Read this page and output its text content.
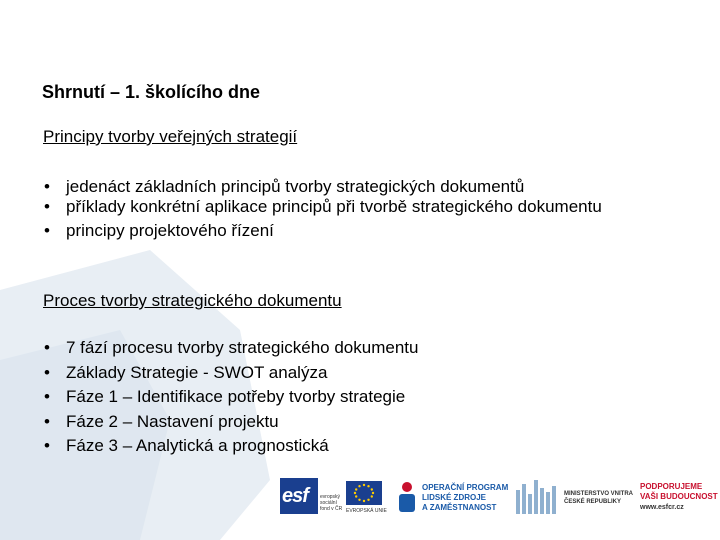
Shrnutí – 1. školícího dne
Principy tvorby veřejných strategií
• jedenáct základních principů tvorby strategických dokumentů
• příklady konkrétní aplikace principů při tvorbě strategického dokumentu
• principy projektového řízení
Proces tvorby strategického dokumentu
• 7 fází procesu tvorby strategického dokumentu
• Základy Strategie - SWOT analýza
• Fáze 1 – Identifikace potřeby tvorby strategie
• Fáze 2 – Nastavení projektu
• Fáze 3 – Analytická a prognostická
esf evropský sociální fond v ČR EVROPSKÁ UNIE
OPERAČNÍ PROGRAM
LIDSKÉ ZDROJE
A ZAMĚSTNANOST
MINISTERSTVO VNITRA
ČESKÉ REPUBLIKY
PODPORUJEME
VAŠI BUDOUCNOST
www.esfcr.cz
